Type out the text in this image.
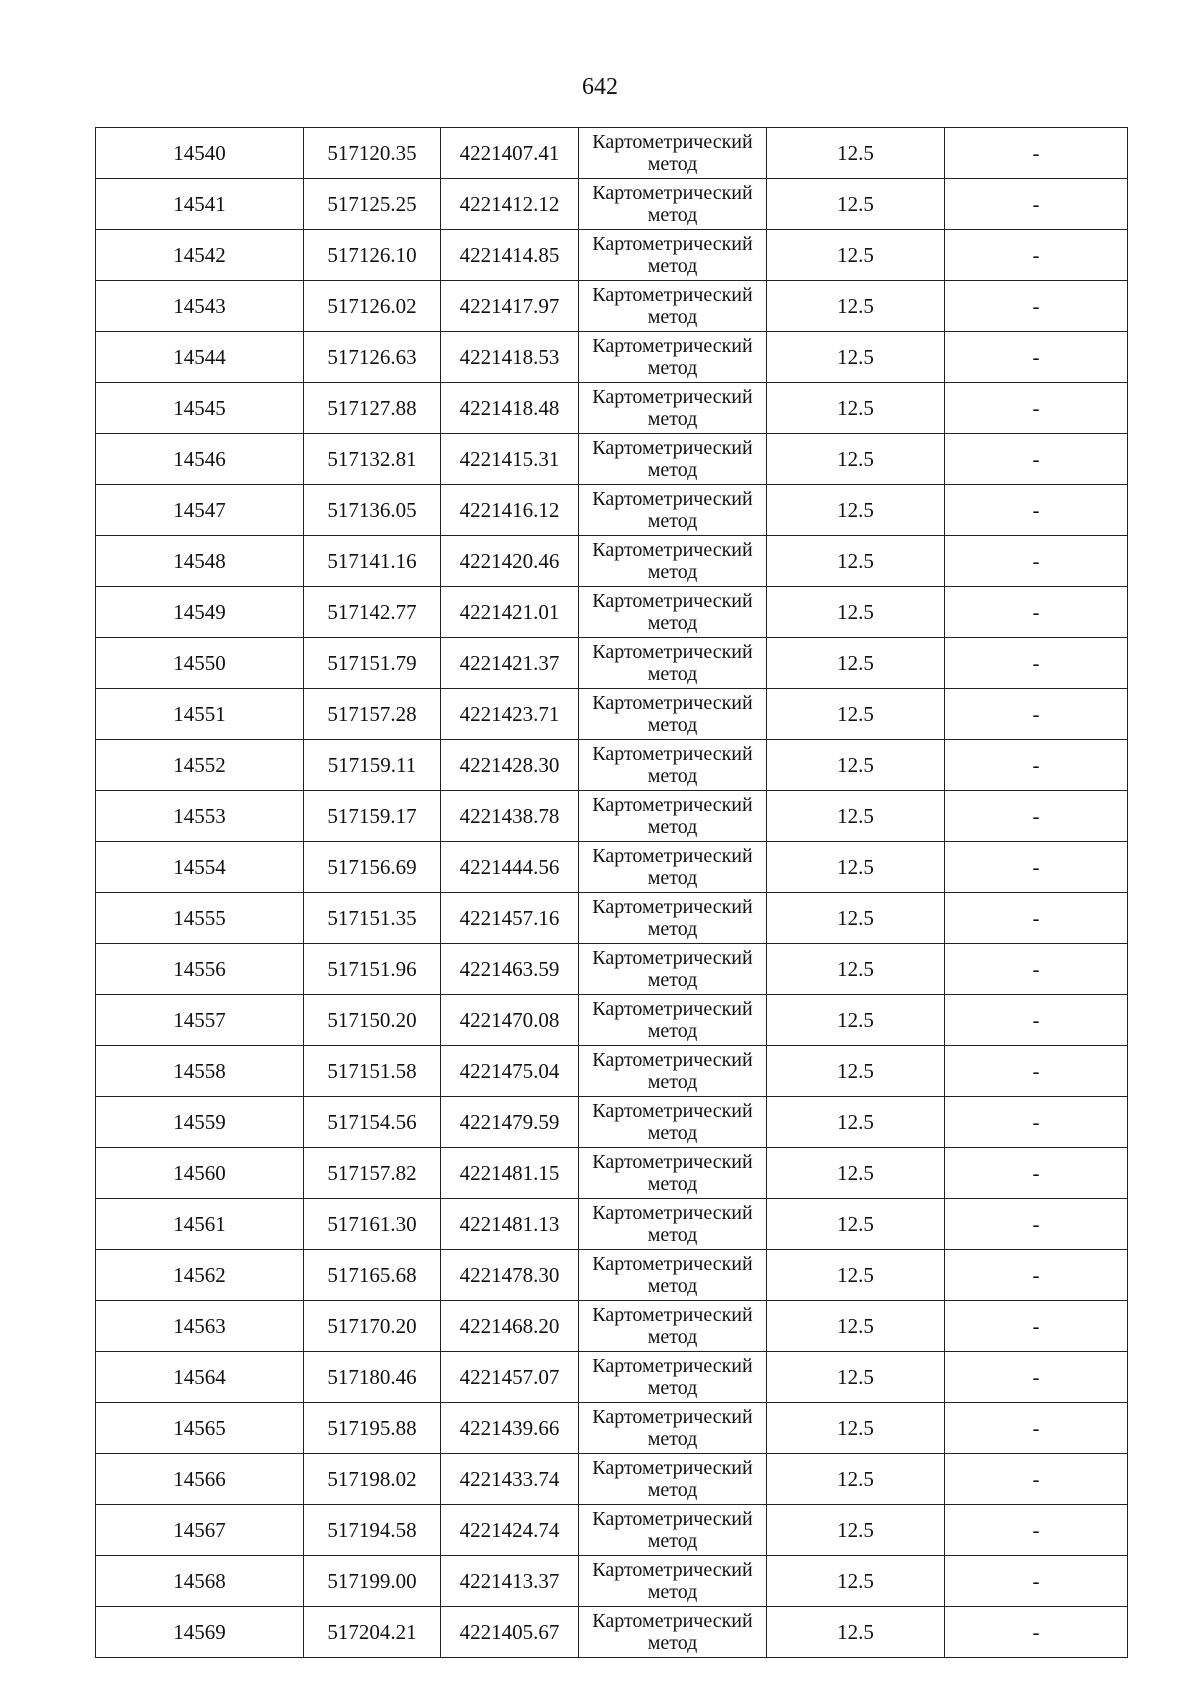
642
14540	517120.35	4221407.41	Картометрический
метод	12.5	-
14541	517125.25	4221412.12	Картометрический
метод	12.5	-
14542	517126.10	4221414.85	Картометрический
метод	12.5	-
14543	517126.02	4221417.97	Картометрический
метод	12.5	-
14544	517126.63	4221418.53	Картометрический
метод	12.5	-
14545	517127.88	4221418.48	Картометрический
метод	12.5	-
14546	517132.81	4221415.31	Картометрический
метод	12.5	-
14547	517136.05	4221416.12	Картометрический
метод	12.5	-
14548	517141.16	4221420.46	Картометрический
метод	12.5	-
14549	517142.77	4221421.01	Картометрический
метод	12.5	-
14550	517151.79	4221421.37	Картометрический
метод	12.5	-
14551	517157.28	4221423.71	Картометрический
метод	12.5	-
14552	517159.11	4221428.30	Картометрический
метод	12.5	-
14553	517159.17	4221438.78	Картометрический
метод	12.5	-
14554	517156.69	4221444.56	Картометрический
метод	12.5	-
14555	517151.35	4221457.16	Картометрический
метод	12.5	-
14556	517151.96	4221463.59	Картометрический
метод	12.5	-
14557	517150.20	4221470.08	Картометрический
метод	12.5	-
14558	517151.58	4221475.04	Картометрический
метод	12.5	-
14559	517154.56	4221479.59	Картометрический
метод	12.5	-
14560	517157.82	4221481.15	Картометрический
метод	12.5	-
14561	517161.30	4221481.13	Картометрический
метод	12.5	-
14562	517165.68	4221478.30	Картометрический
метод	12.5	-
14563	517170.20	4221468.20	Картометрический
метод	12.5	-
14564	517180.46	4221457.07	Картометрический
метод	12.5	-
14565	517195.88	4221439.66	Картометрический
метод	12.5	-
14566	517198.02	4221433.74	Картометрический
метод	12.5	-
14567	517194.58	4221424.74	Картометрический
метод	12.5	-
14568	517199.00	4221413.37	Картометрический
метод	12.5	-
14569	517204.21	4221405.67	Картометрический
метод	12.5	-
